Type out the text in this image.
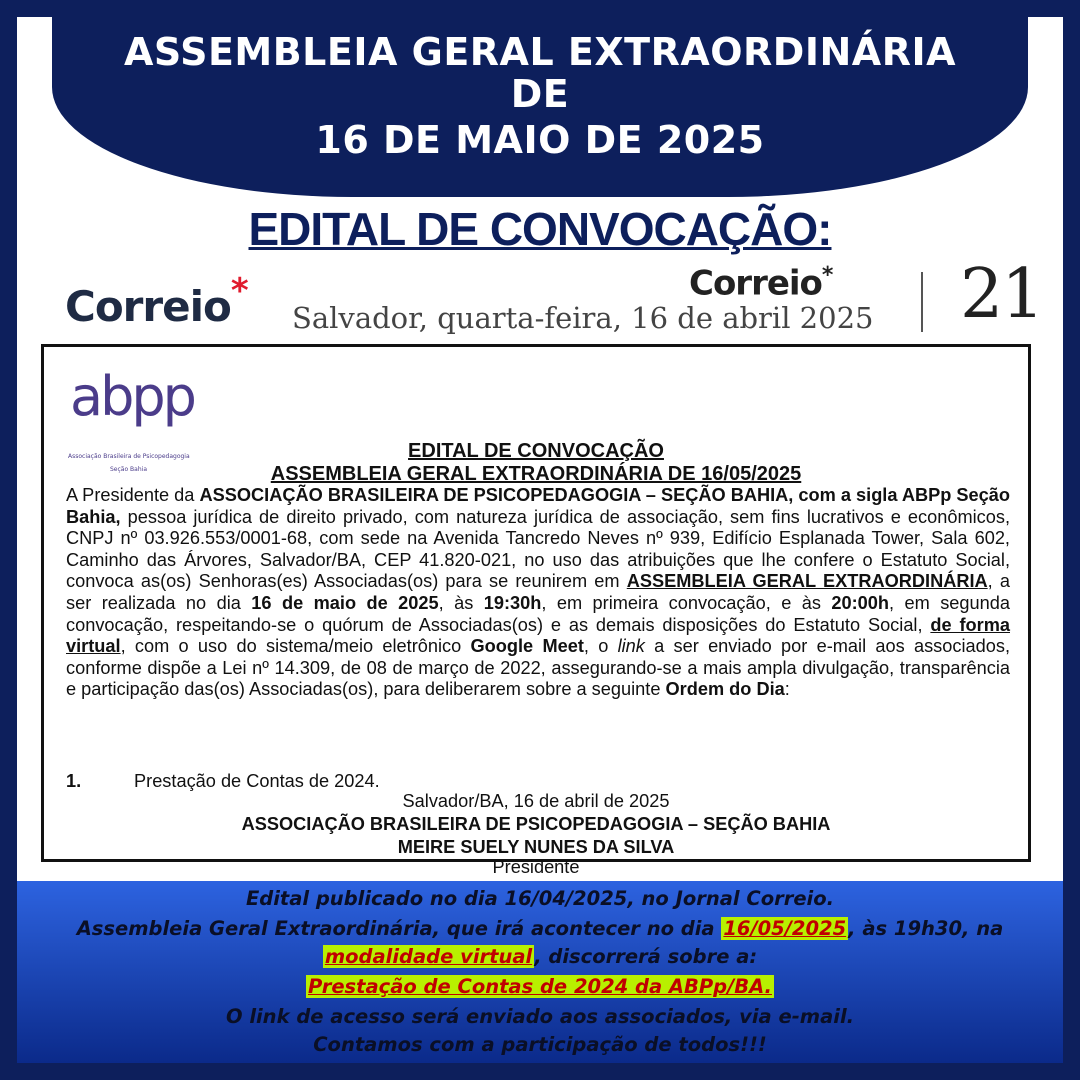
ASSEMBLEIA GERAL EXTRAORDINÁRIA
DE
16 DE MAIO DE 2025
EDITAL DE CONVOCAÇÃO:
Correio*	Correio*
Salvador, quarta-feira, 16 de abril 2025 21
abpp
Associação Brasileira de Psicopedagogia
Seção Bahia
EDITAL DE CONVOCAÇÃO
ASSEMBLEIA GERAL EXTRAORDINÁRIA DE 16/05/2025
A Presidente da ASSOCIAÇÃO BRASILEIRA DE PSICOPEDAGOGIA – SEÇÃO BAHIA, com a sigla ABPp Seção Bahia, pessoa jurídica de direito privado, com natureza jurídica de associação, sem fins lucrativos e econômicos, CNPJ nº 03.926.553/0001-68, com sede na Avenida Tancredo Neves nº 939, Edifício Esplanada Tower, Sala 602, Caminho das Árvores, Salvador/BA, CEP 41.820-021, no uso das atribuições que lhe confere o Estatuto Social, convoca as(os) Senhoras(es) Associadas(os) para se reunirem em ASSEMBLEIA GERAL EXTRAORDINÁRIA, a ser realizada no dia 16 de maio de 2025, às 19:30h, em primeira convocação, e às 20:00h, em segunda convocação, respeitando-se o quórum de Associadas(os) e as demais disposições do Estatuto Social, de forma virtual, com o uso do sistema/meio eletrônico Google Meet, o link a ser enviado por e-mail aos associados, conforme dispõe a Lei nº 14.309, de 08 de março de 2022, assegurando-se a mais ampla divulgação, transparência e participação das(os) Associadas(os), para deliberarem sobre a seguinte Ordem do Dia:
1.	Prestação de Contas de 2024.
Salvador/BA, 16 de abril de 2025
ASSOCIAÇÃO BRASILEIRA DE PSICOPEDAGOGIA – SEÇÃO BAHIA
MEIRE SUELY NUNES DA SILVA
Presidente
Edital publicado no dia 16/04/2025, no Jornal Correio.
Assembleia Geral Extraordinária, que irá acontecer no dia 16/05/2025 , às 19h30, na
modalidade virtual , discorrerá sobre a:
Prestação de Contas de 2024 da ABPp/BA.
O link de acesso será enviado aos associados, via e-mail.
Contamos com a participação de todos!!!
